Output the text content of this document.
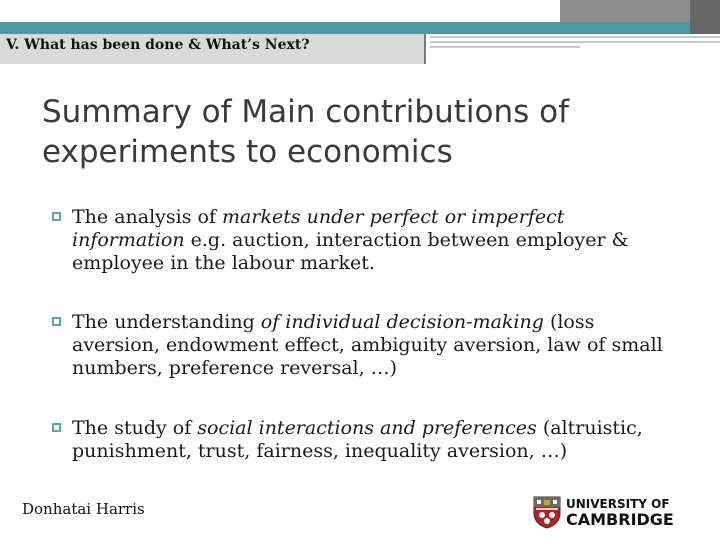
V. What has been done & What’s Next?
Summary of Main contributions of experiments to economics
The analysis of markets under perfect or imperfect information e.g. auction, interaction between employer & employee in the labour market.
The understanding of individual decision-making (loss aversion, endowment effect, ambiguity aversion, law of small numbers, preference reversal, …)
The study of social interactions and preferences (altruistic, punishment, trust, fairness, inequality aversion, …)
Donhatai Harris	UNIVERSITY OF
CAMBRIDGE
